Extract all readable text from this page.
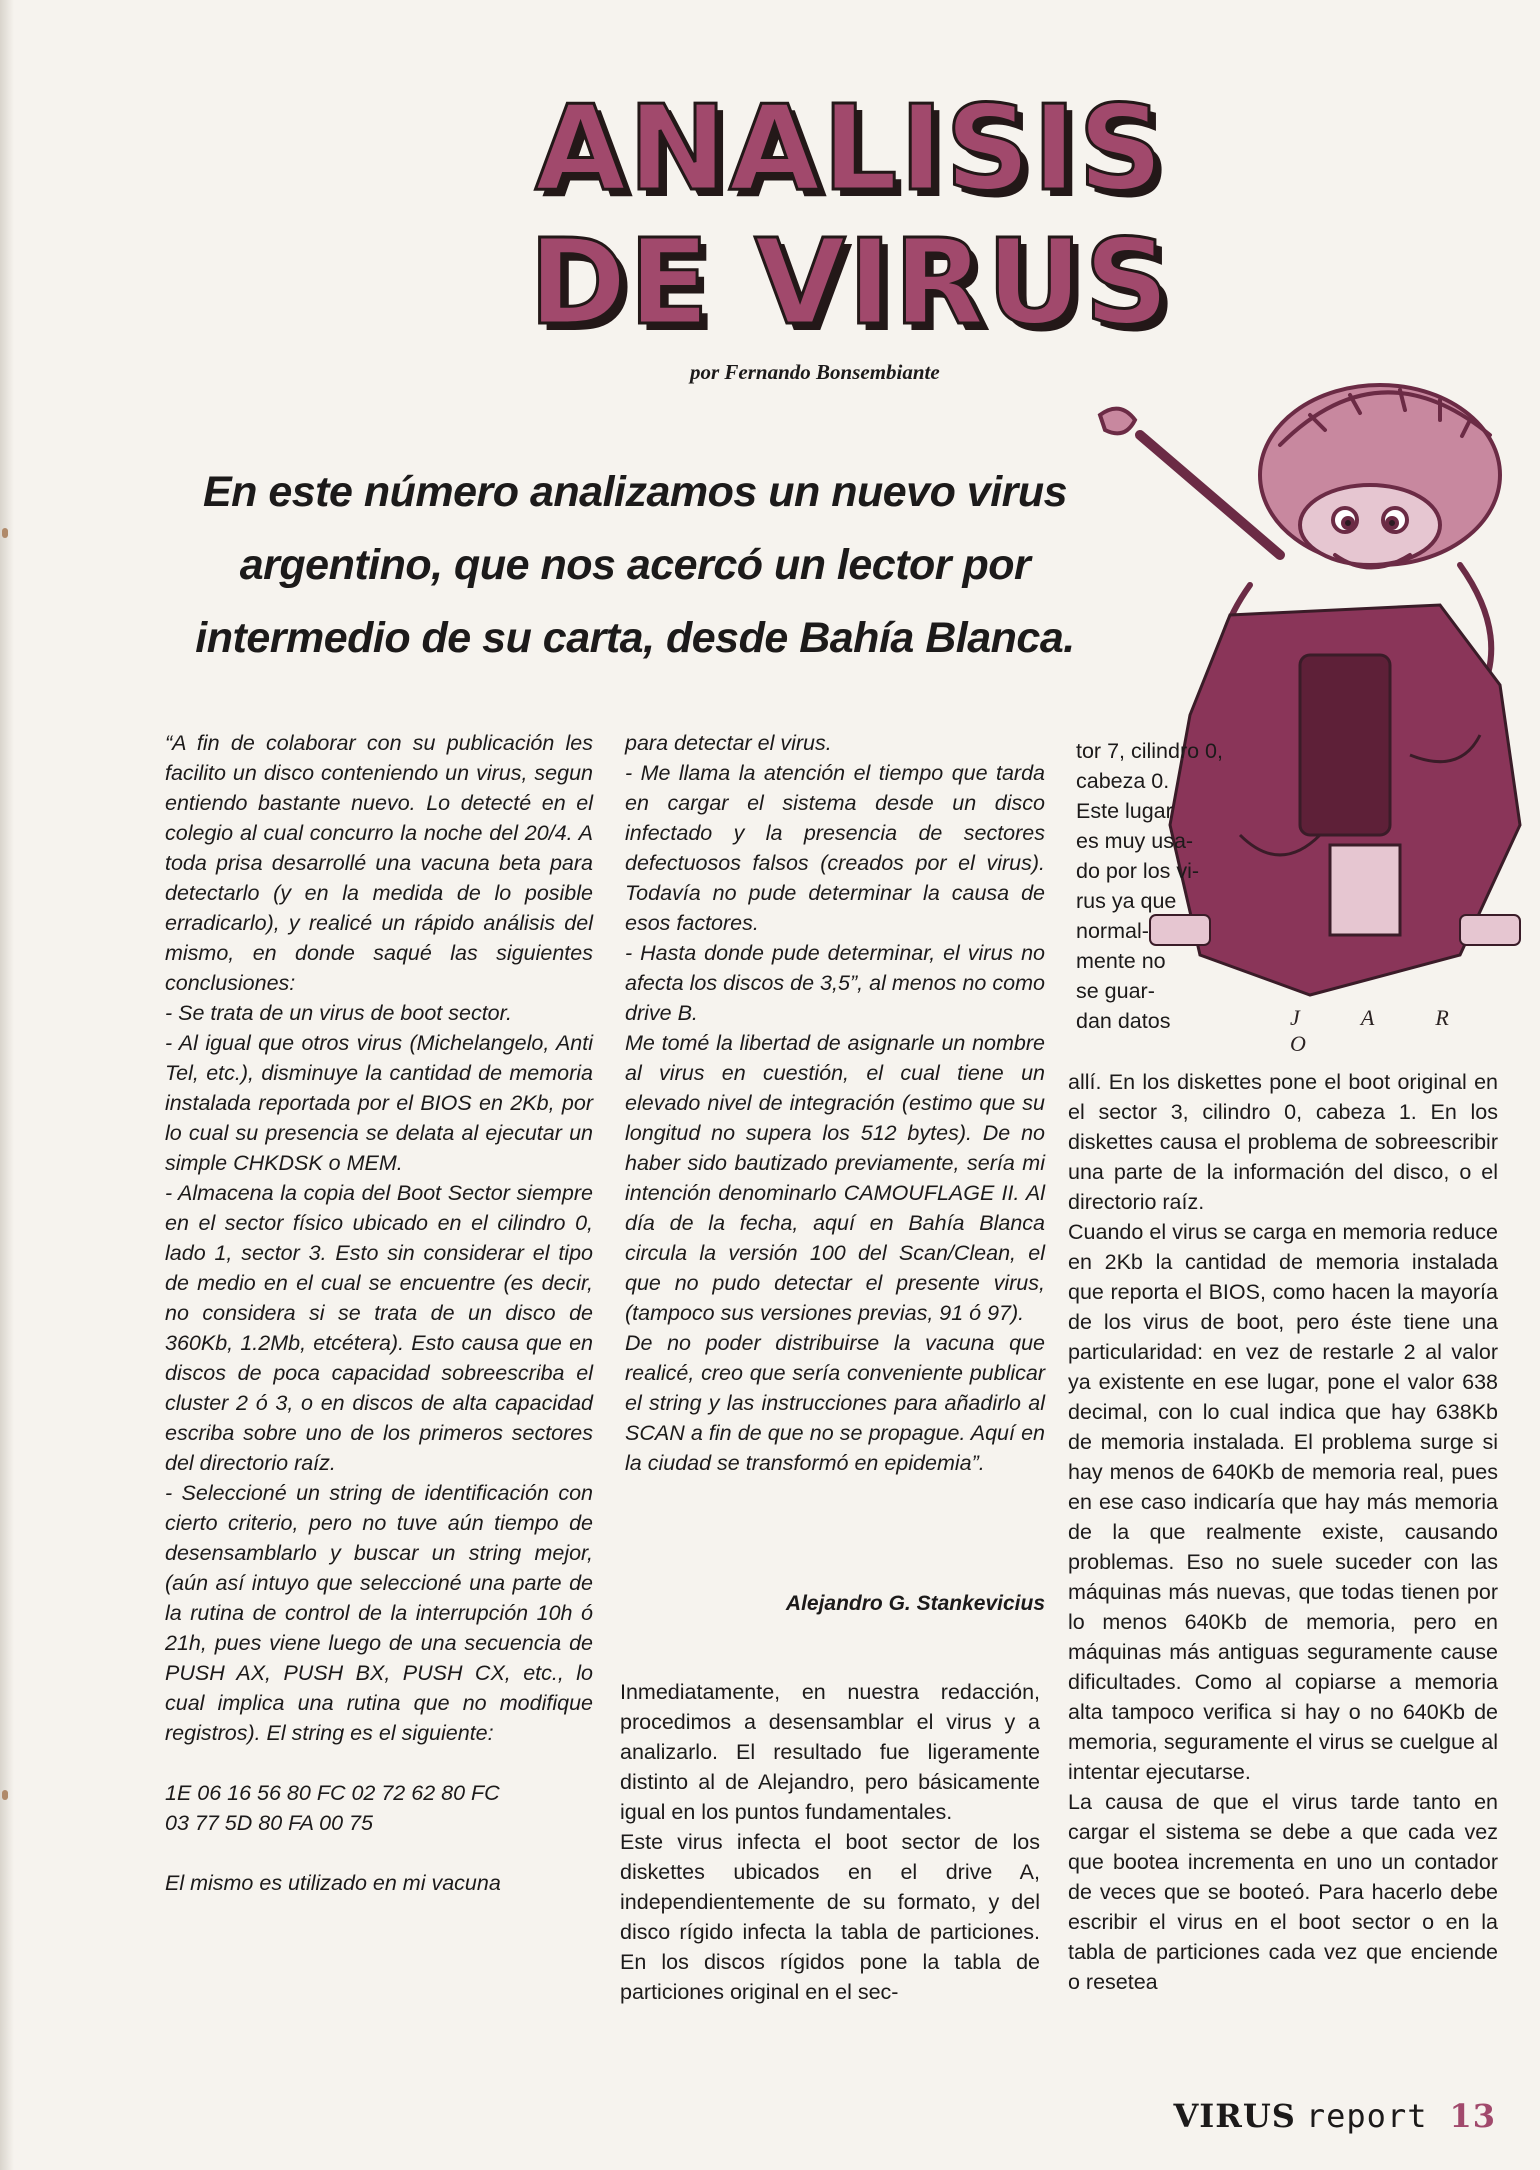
ANALISIS
DE VIRUS
por Fernando Bonsembiante
En este número analizamos un nuevo virus
argentino, que nos acercó un lector por
intermedio de su carta, desde Bahía Blanca.
J A R O

“A fin de colaborar con su publicación les facilito un disco conteniendo un virus, segun entiendo bastante nuevo. Lo detecté en el colegio al cual concurro la noche del 20/4. A toda prisa desarrollé una vacuna beta para detectarlo (y en la medida de lo posible erradicarlo), y realicé un rápido análisis del mismo, en donde saqué las siguientes conclusiones:

- Se trata de un virus de boot sector.

- Al igual que otros virus (Michelangelo, Anti Tel, etc.), disminuye la cantidad de memoria instalada reportada por el BIOS en 2Kb, por lo cual su presencia se delata al ejecutar un simple CHKDSK o MEM.

- Almacena la copia del Boot Sector siempre en el sector físico ubicado en el cilindro 0, lado 1, sector 3. Esto sin considerar el tipo de medio en el cual se encuentre (es decir, no considera si se trata de un disco de 360Kb, 1.2Mb, etcétera). Esto causa que en discos de poca capacidad sobreescriba el cluster 2 ó 3, o en discos de alta capacidad escriba sobre uno de los primeros sectores del directorio raíz.

- Seleccioné un string de identificación con cierto criterio, pero no tuve aún tiempo de desensamblarlo y buscar un string mejor, (aún así intuyo que seleccioné una parte de la rutina de control de la interrupción 10h ó 21h, pues viene luego de una secuencia de PUSH AX, PUSH BX, PUSH CX, etc., lo cual implica una rutina que no modifique registros). El string es el siguiente:

1E 06 16 56 80 FC 02 72 62 80 FC

03 77 5D 80 FA 00 75

El mismo es utilizado en mi vacuna

para detectar el virus.

- Me llama la atención el tiempo que tarda en cargar el sistema desde un disco infectado y la presencia de sectores defectuosos falsos (creados por el virus). Todavía no pude determinar la causa de esos factores.

- Hasta donde pude determinar, el virus no afecta los discos de 3,5”, al menos no como drive B.

Me tomé la libertad de asignarle un nombre al virus en cuestión, el cual tiene un elevado nivel de integración (estimo que su longitud no supera los 512 bytes). De no haber sido bautizado previamente, sería mi intención denominarlo CAMOUFLAGE II. Al día de la fecha, aquí en Bahía Blanca circula la versión 100 del Scan/Clean, el que no pudo detectar el presente virus, (tampoco sus versiones previas, 91 ó 97).

De no poder distribuirse la vacuna que realicé, creo que sería conveniente publicar el string y las instrucciones para añadirlo al SCAN a fin de que no se propague. Aquí en la ciudad se transformó en epidemia”.

Alejandro G. Stankevicius

Inmediatamente, en nuestra redacción, procedimos a desensamblar el virus y a analizarlo. El resultado fue ligeramente distinto al de Alejandro, pero básicamente igual en los puntos fundamentales.

Este virus infecta el boot sector de los diskettes ubicados en el drive A, independientemente de su formato, y del disco rígido infecta la tabla de particiones. En los discos rígidos pone la tabla de particiones original en el sec-

tor 7, cilindro 0,

cabeza 0.

Este lugar

es muy usa-

do por los vi-

rus ya que

normal-

mente no

se guar-

dan datos

allí. En los diskettes pone el boot original en el sector 3, cilindro 0, cabeza 1. En los diskettes causa el problema de sobreescribir una parte de la información del disco, o el directorio raíz.

Cuando el virus se carga en memoria reduce en 2Kb la cantidad de memoria instalada que reporta el BIOS, como hacen la mayoría de los virus de boot, pero éste tiene una particularidad: en vez de restarle 2 al valor ya existente en ese lugar, pone el valor 638 decimal, con lo cual indica que hay 638Kb de memoria instalada. El problema surge si hay menos de 640Kb de memoria real, pues en ese caso indicaría que hay más memoria de la que realmente existe, causando problemas. Eso no suele suceder con las máquinas más nuevas, que todas tienen por lo menos 640Kb de memoria, pero en máquinas más antiguas seguramente cause dificultades. Como al copiarse a memoria alta tampoco verifica si hay o no 640Kb de memoria, seguramente el virus se cuelgue al intentar ejecutarse.

La causa de que el virus tarde tanto en cargar el sistema se debe a que cada vez que bootea incrementa en uno un contador de veces que se booteó. Para hacerlo debe escribir el virus en el boot sector o en la tabla de particiones cada vez que enciende o resetea

VIRUS report 13
